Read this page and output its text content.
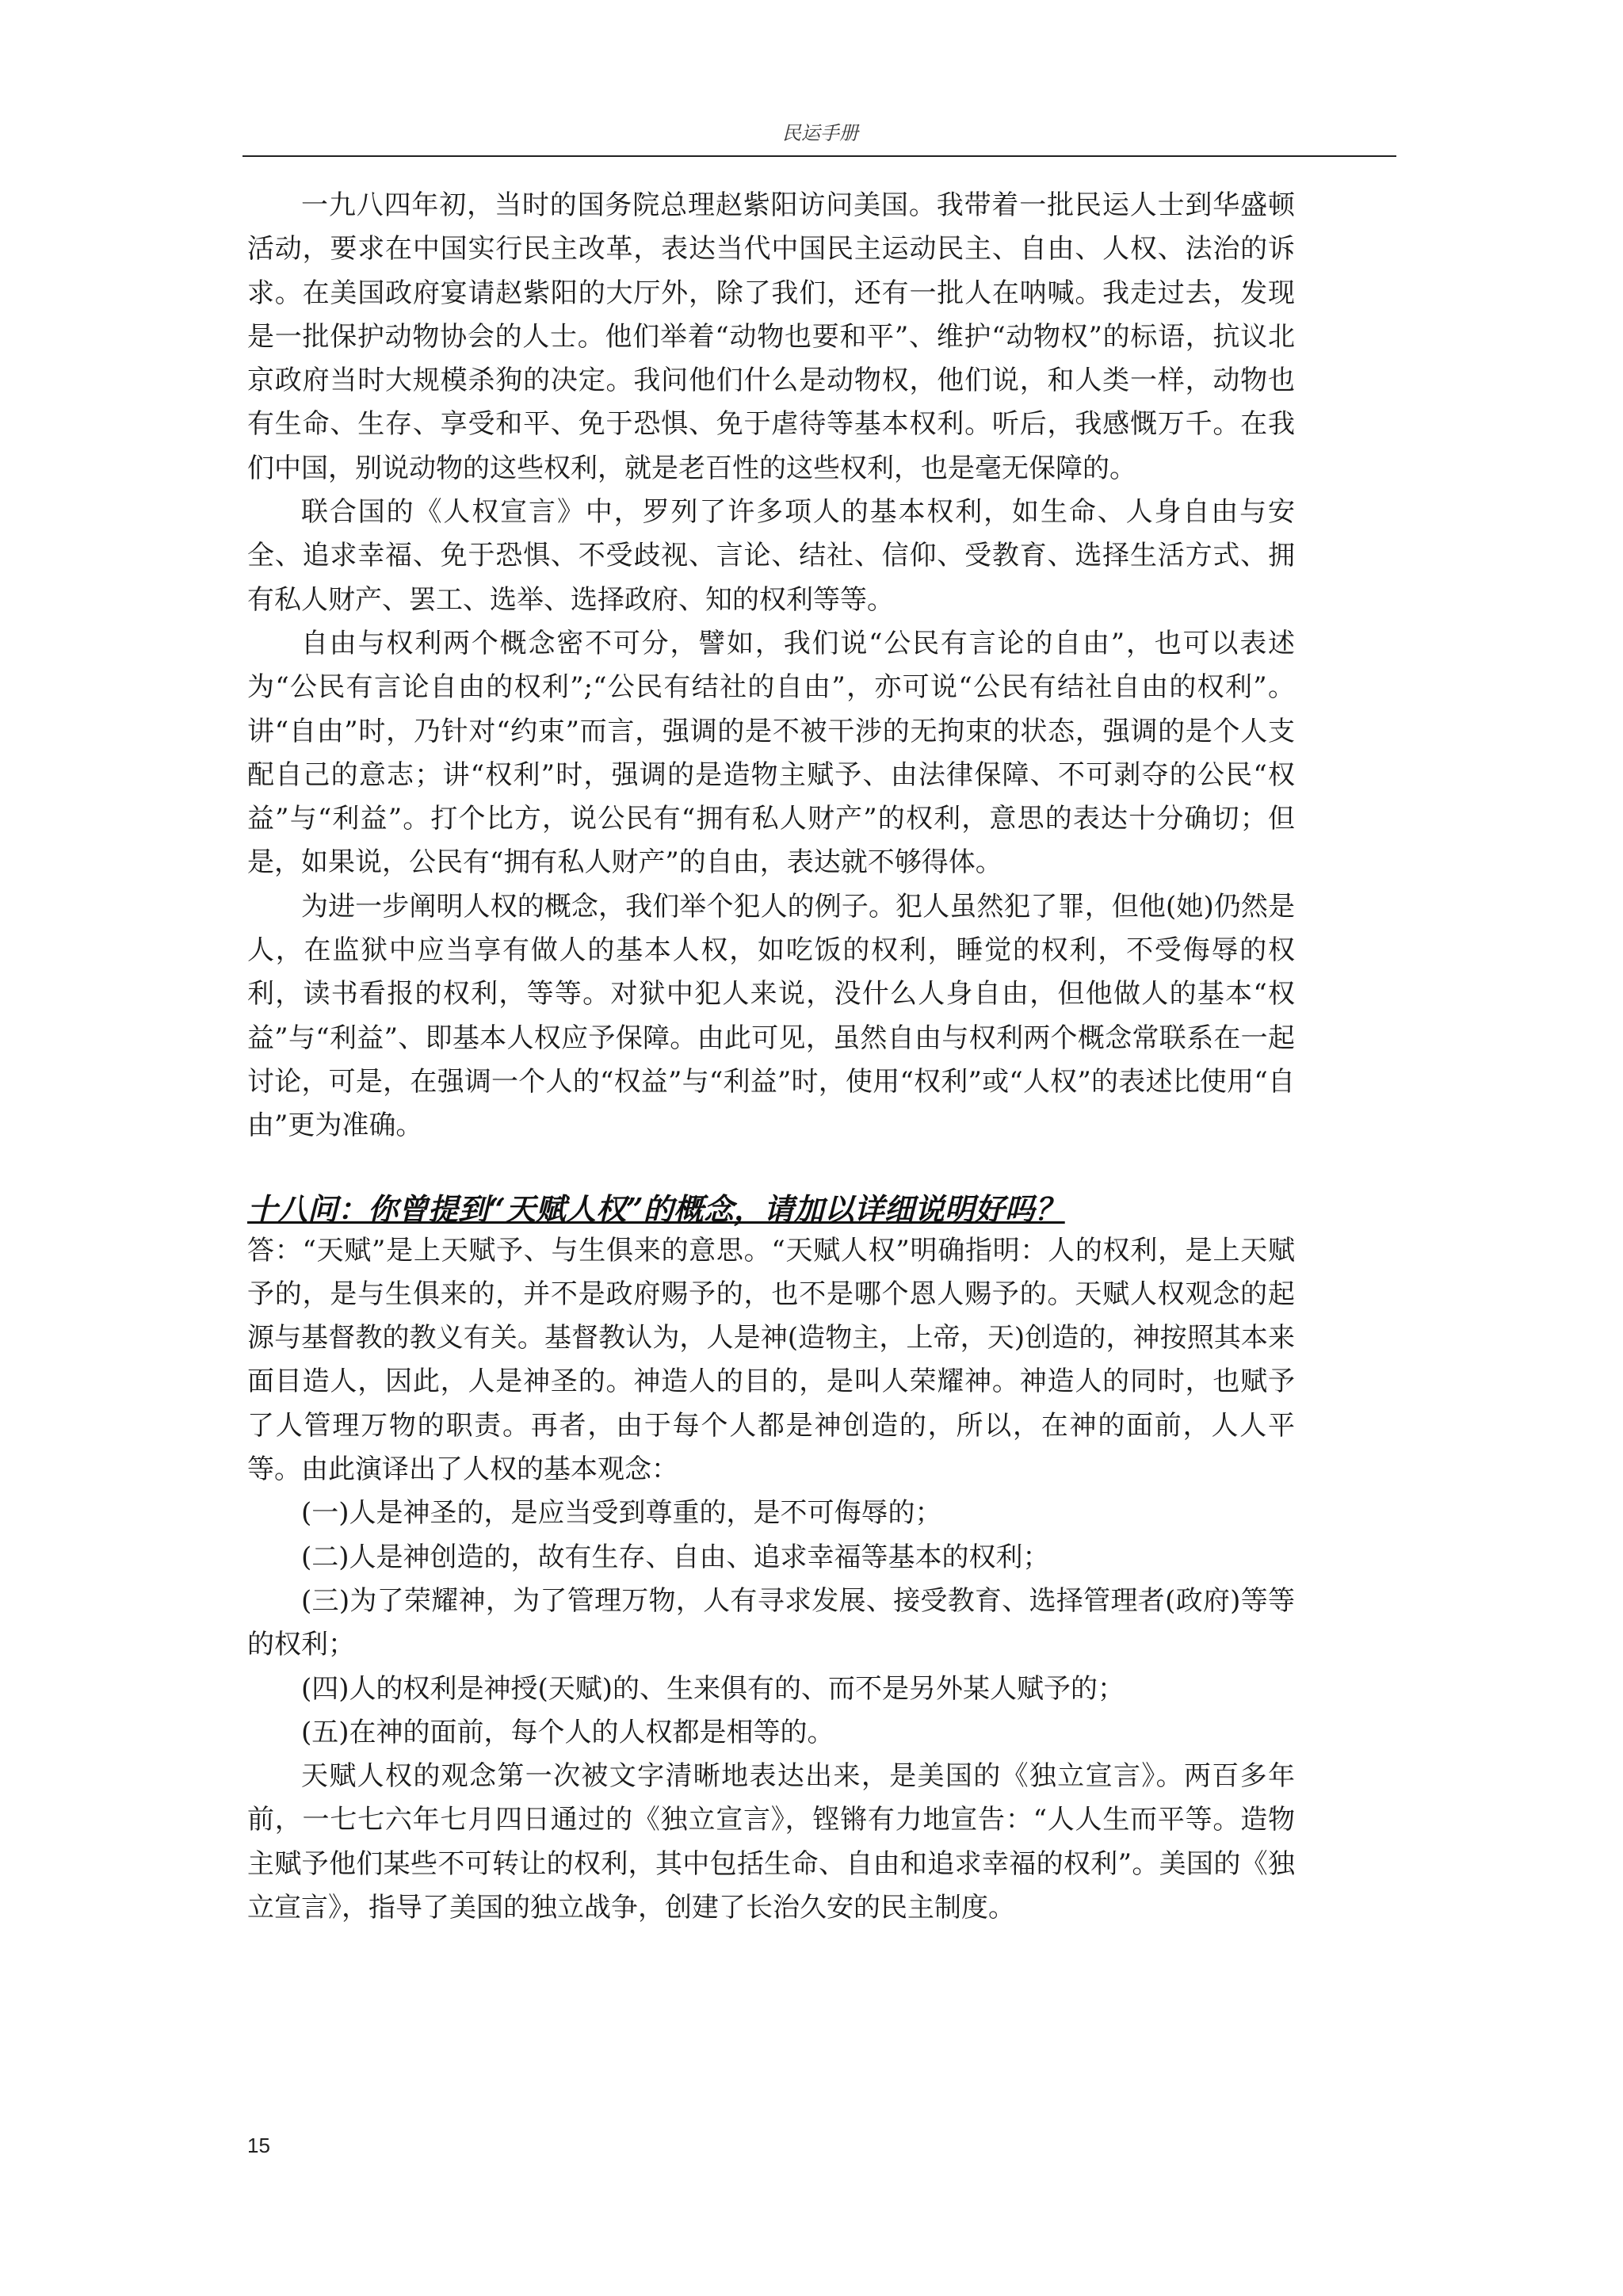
民运手册

一九八四年初，当时的国务院总理赵紫阳访问美国。我带着一批民运人士到华盛顿活动，要求在中国实行民主改革，表达当代中国民主运动民主、自由、人权、法治的诉求。在美国政府宴请赵紫阳的大厅外，除了我们，还有一批人在呐喊。我走过去，发现是一批保护动物协会的人士。他们举着“动物也要和平”、维护“动物权”的标语，抗议北京政府当时大规模杀狗的决定。我问他们什么是动物权，他们说，和人类一样，动物也有生命、生存、享受和平、免于恐惧、免于虐待等基本权利。听后，我感慨万千。在我们中国，别说动物的这些权利，就是老百性的这些权利，也是毫无保障的。

联合国的《人权宣言》中，罗列了许多项人的基本权利，如生命、人身自由与安全、追求幸福、免于恐惧、不受歧视、言论、结社、信仰、受教育、选择生活方式、拥有私人财产、罢工、选举、选择政府、知的权利等等。

自由与权利两个概念密不可分，譬如，我们说“公民有言论的自由”，也可以表述为“公民有言论自由的权利”;“公民有结社的自由”，亦可说“公民有结社自由的权利”。讲“自由”时，乃针对“约束”而言，强调的是不被干涉的无拘束的状态，强调的是个人支配自己的意志；讲“权利”时，强调的是造物主赋予、由法律保障、不可剥夺的公民“权益”与“利益”。打个比方，说公民有“拥有私人财产”的权利，意思的表达十分确切；但是，如果说，公民有“拥有私人财产”的自由，表达就不够得体。

为进一步阐明人权的概念，我们举个犯人的例子。犯人虽然犯了罪，但他(她)仍然是人，在监狱中应当享有做人的基本人权，如吃饭的权利，睡觉的权利，不受侮辱的权利，读书看报的权利，等等。对狱中犯人来说，没什么人身自由，但他做人的基本“权益”与“利益”、即基本人权应予保障。由此可见，虽然自由与权利两个概念常联系在一起讨论，可是，在强调一个人的“权益”与“利益”时，使用“权利”或“人权”的表述比使用“自由”更为准确。

十八问：你曾提到“天赋人权”的概念，请加以详细说明好吗？

答：“天赋”是上天赋予、与生俱来的意思。“天赋人权”明确指明：人的权利，是上天赋予的，是与生俱来的，并不是政府赐予的，也不是哪个恩人赐予的。天赋人权观念的起源与基督教的教义有关。基督教认为，人是神(造物主，上帝，天)创造的，神按照其本来面目造人，因此，人是神圣的。神造人的目的，是叫人荣耀神。神造人的同时，也赋予了人管理万物的职责。再者，由于每个人都是神创造的，所以，在神的面前，人人平等。由此演译出了人权的基本观念：

(一)人是神圣的，是应当受到尊重的，是不可侮辱的；

(二)人是神创造的，故有生存、自由、追求幸福等基本的权利；

(三)为了荣耀神，为了管理万物，人有寻求发展、接受教育、选择管理者(政府)等等的权利；

(四)人的权利是神授(天赋)的、生来俱有的、而不是另外某人赋予的；

(五)在神的面前，每个人的人权都是相等的。

天赋人权的观念第一次被文字清晰地表达出来，是美国的《独立宣言》。两百多年前，一七七六年七月四日通过的《独立宣言》，铿锵有力地宣告：“人人生而平等。造物主赋予他们某些不可转让的权利，其中包括生命、自由和追求幸福的权利”。美国的《独立宣言》，指导了美国的独立战争，创建了长治久安的民主制度。

15
